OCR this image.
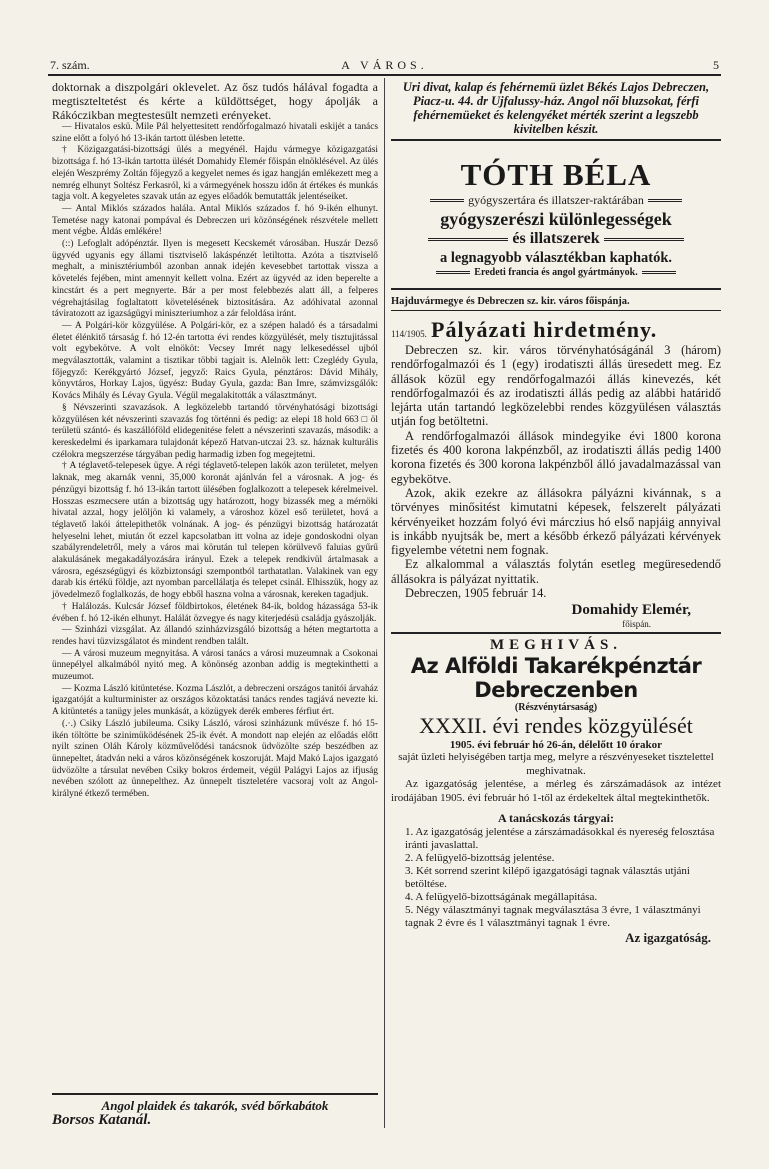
7. szám.	A VÁROS.	5

doktornak a diszpolgári oklevelet. Az ősz tudós hálával fogadta a megtiszteltetést és kérte a küldöttséget, hogy ápolják a Rákóczikban megtestesült nemzeti erényeket.

— Hivatalos eskü. Mile Pál helyettesitett rendőrfogalmazó hivatali eskijét a tanács szine előtt a folyó hó 13-ikán tartott ülésben letette.

† Közigazgatási-bizottsági ülés a megyénél. Hajdu vármegye közigazgatási bizottsága f. hó 13-ikán tartotta ülését Domahidy Elemér főispán elnöklésével. Az ülés elején Weszprémy Zoltán főjegyző a kegyelet nemes és igaz hangján emlékezett meg a nemrég elhunyt Soltész Ferkasról, ki a vármegyének hosszu időn át értékes és munkás tagja volt. A kegyeletes szavak után az egyes előadók bemutatták jelentéseiket.

— Antal Miklós százados halála. Antal Miklós százados f. hó 9-ikén elhunyt. Temetése nagy katonai pompával és Debreczen uri közönségének részvétele mellett ment végbe. Áldás emlékére!

(::) Lefoglalt adópénztár. Ilyen is megesett Kecskemét városában. Huszár Dezső ügyvéd ugyanis egy állami tisztviselő lakáspénzét letiltotta. Azóta a tisztviselő meghalt, a minisztériumból azonban annak idején kevesebbet tartottak vissza a követelés fejében, mint amennyit kellett volna. Ezért az ügyvéd az iden beperelte a kincstárt és a pert megnyerte. Bár a per most felebbezés alatt áll, a felperes végrehajtásilag foglaltatott követelésének biztositására. Az adóhivatal azonnal táviratozott az igazságügyi miniszteriumhoz a zár feloldása iránt.

— A Polgári-kör közgyülése. A Polgári-kör, ez a szépen haladó és a társadalmi életet élénkitő társaság f. hó 12-én tartotta évi rendes közgyülését, mely tisztujitással volt egybekötve. A volt elnököt: Vecsey Imrét nagy lelkesedéssel ujból megválasztották, valamint a tisztikar többi tagjait is. Alelnök lett: Czeglédy Gyula, főjegyző: Kerékgyártó József, jegyző: Raics Gyula, pénztáros: Dávid Mihály, könyvtáros, Horkay Lajos, ügyész: Buday Gyula, gazda: Ban Imre, számvizsgálók: Kovács Mihály és Lévay Gyula. Végül megalakitották a választmányt.

§ Névszerinti szavazások. A legközelebb tartandó törvényhatósági bizottsági közgyülésen két névszerinti szavazás fog történni és pedig: az elepi 18 hold 663 □ öl területü szántó- és kaszállóföld elidegenitése felett a névszerinti szavazás, második: a kereskedelmi és iparkamara tulajdonát képező Hatvan-utczai 23. sz. háznak kulturális czélokra megszerzése tárgyában pedig harmadig izben fog megejtetni.

† A téglavető-telepesek ügye. A régi téglavető-telepen lakók azon területet, melyen laknak, meg akarnák venni, 35,000 koronát ajánlván fel a városnak. A jog- és pénzügyi bizottság f. hó 13-ikán tartott ülésében foglalkozott a telepesek kérelmeivel. Hosszas eszmecsere után a bizottság ugy határozott, hogy bizassék meg a mérnöki hivatal azzal, hogy jelöljön ki valamely, a városhoz közel eső területet, hová a téglavető lakói áttelepithetők volnának. A jog- és pénzügyi bizottság határozatát helyeselni lehet, miután őt ezzel kapcsolatban itt volna az ideje gondoskodni olyan szabályrendeletről, mely a város mai körután tul telepen körülvevő faluias gyűrű alakulásánek megakadályozására irányul. Ezek a telepek rendkivül ártalmasak a városra, egészségügyi és közbiztonsági szempontból tarthatatlan. Valakinek van egy darab kis értékü földje, azt nyomban parcellálatja és telepet csinál. Elhisszük, hogy az jövedelmező foglalkozás, de hogy ebből haszna volna a városnak, kereken tagadjuk.

† Halálozás. Kulcsár József földbirtokos, életének 84-ik, boldog házassága 53-ik évében f. hó 12-ikén elhunyt. Halálát özvegye és nagy kiterjedésü családja gyászolják.

— Szinházi vizsgálat. Az állandó szinházvizsgáló bizottság a héten megtartotta a rendes havi tüzvizsgálatot és mindent rendben talált.

— A városi muzeum megnyitása. A városi tanács a városi muzeumnak a Csokonai ünnepélyel alkalmából nyitó meg. A könönség azonban addig is megtekinthetti a muzeumot.

— Kozma László kitüntetése. Kozma Lászlót, a debreczeni országos tanitói árvaház igazgatóját a kulturminister az országos közoktatási tanács rendes tagjává nevezte ki. A kitüntetés a tanügy jeles munkását, a közügyek derék emberes férfiut ért.

(.·.) Csiky László jubileuma. Csiky László, városi szinházunk művésze f. hó 15-ikén töltötte be szinimüködésének 25-ik évét. A mondott nap elején az előadás előtt nyilt szinen Oláh Károly közművelődési tanácsnok üdvözölte szép beszédben az ünnepeltet, átadván neki a város közönségének koszoruját. Majd Makó Lajos igazgató üdvözölte a társulat nevében Csiky bokros érdemeit, végül Palágyi Lajos az ifjuság nevében szólott az ünnepelthez. Az ünnepelt tiszteletére vacsoraj volt az Angol-királyné étkező termében.

Angol plaidek és takarók, svéd bőrkabátok
Borsos Katanál.
Uri divat, kalap és fehérnemü üzlet Békés Lajos Debreczen, Piacz-u. 44. dr Ujfalussy-ház. Angol női bluzsokat, férfi fehérnemüeket és kelengyéket mérték szerint a legszebb kivitelben készit.
TÓTH BÉLA
gyógyszertára és illatszer-raktárában
gyógyszerészi különlegességek
és illatszerek
a legnagyobb választékban kaphatók.
Eredeti francia és angol gyártmányok.
Hajduvármegye és Debreczen sz. kir. város főispánja.
114/1905. Pályázati hirdetmény.

Debreczen sz. kir. város törvényhatóságánál 3 (három) rendőrfogalmazói és 1 (egy) irodatiszti állás üresedett meg. Ez állások közül egy rendőrfogalmazói állás kinevezés, két rendőrfogalmazói és az irodatiszti állás pedig az alábbi határidő lejárta után tartandó legközelebbi rendes közgyülésen választás utján fog betöltetni.

A rendőrfogalmazói állások mindegyike évi 1800 korona fizetés és 400 korona lakpénzből, az irodatiszti állás pedig 1400 korona fizetés és 300 korona lakpénzből álló javadalmazással van egybekötve.

Azok, akik ezekre az állásokra pályázni kivánnak, s a törvényes minősitést kimutatni képesek, felszerelt pályázati kérvényeiket hozzám folyó évi márczius hó első napjáig annyival is inkább nyujtsák be, mert a később érkező pályázati kérvények figyelembe vétetni nem fognak.

Ez alkalommal a választás folytán esetleg megüresedendő állásokra is pályázat nyittatik.

Debreczen, 1905 február 14.

Domahidy Elemér,
főispán.
MEGHIVÁS.
Az Alföldi Takarékpénztár Debreczenben
(Részvénytársaság)
XXXII. évi rendes közgyülését
1905. évi február hó 26-án, délelőtt 10 órakor
saját üzleti helyiségében tartja meg, melyre a részvényeseket tisztelettel meghivatnak.
Az igazgatóság jelentése, a mérleg és zárszámadások az intézet irodájában 1905. évi február hó 1-től az érdekeltek által megtekinthetők.
A tanácskozás tárgyai:
1. Az igazgatóság jelentése a zárszámadásokkal és nyereség felosztása iránti javaslattal.
2. A felügyelő-bizottság jelentése.
3. Két sorrend szerint kilépő igazgatósági tagnak választás utjáni betöltése.
4. A felügyelő-bizottságának megállapitása.
5. Négy választmányi tagnak megválasztása 3 évre, 1 választmányi tagnak 2 évre és 1 választmányi tagnak 1 évre.
Az igazgatóság.
